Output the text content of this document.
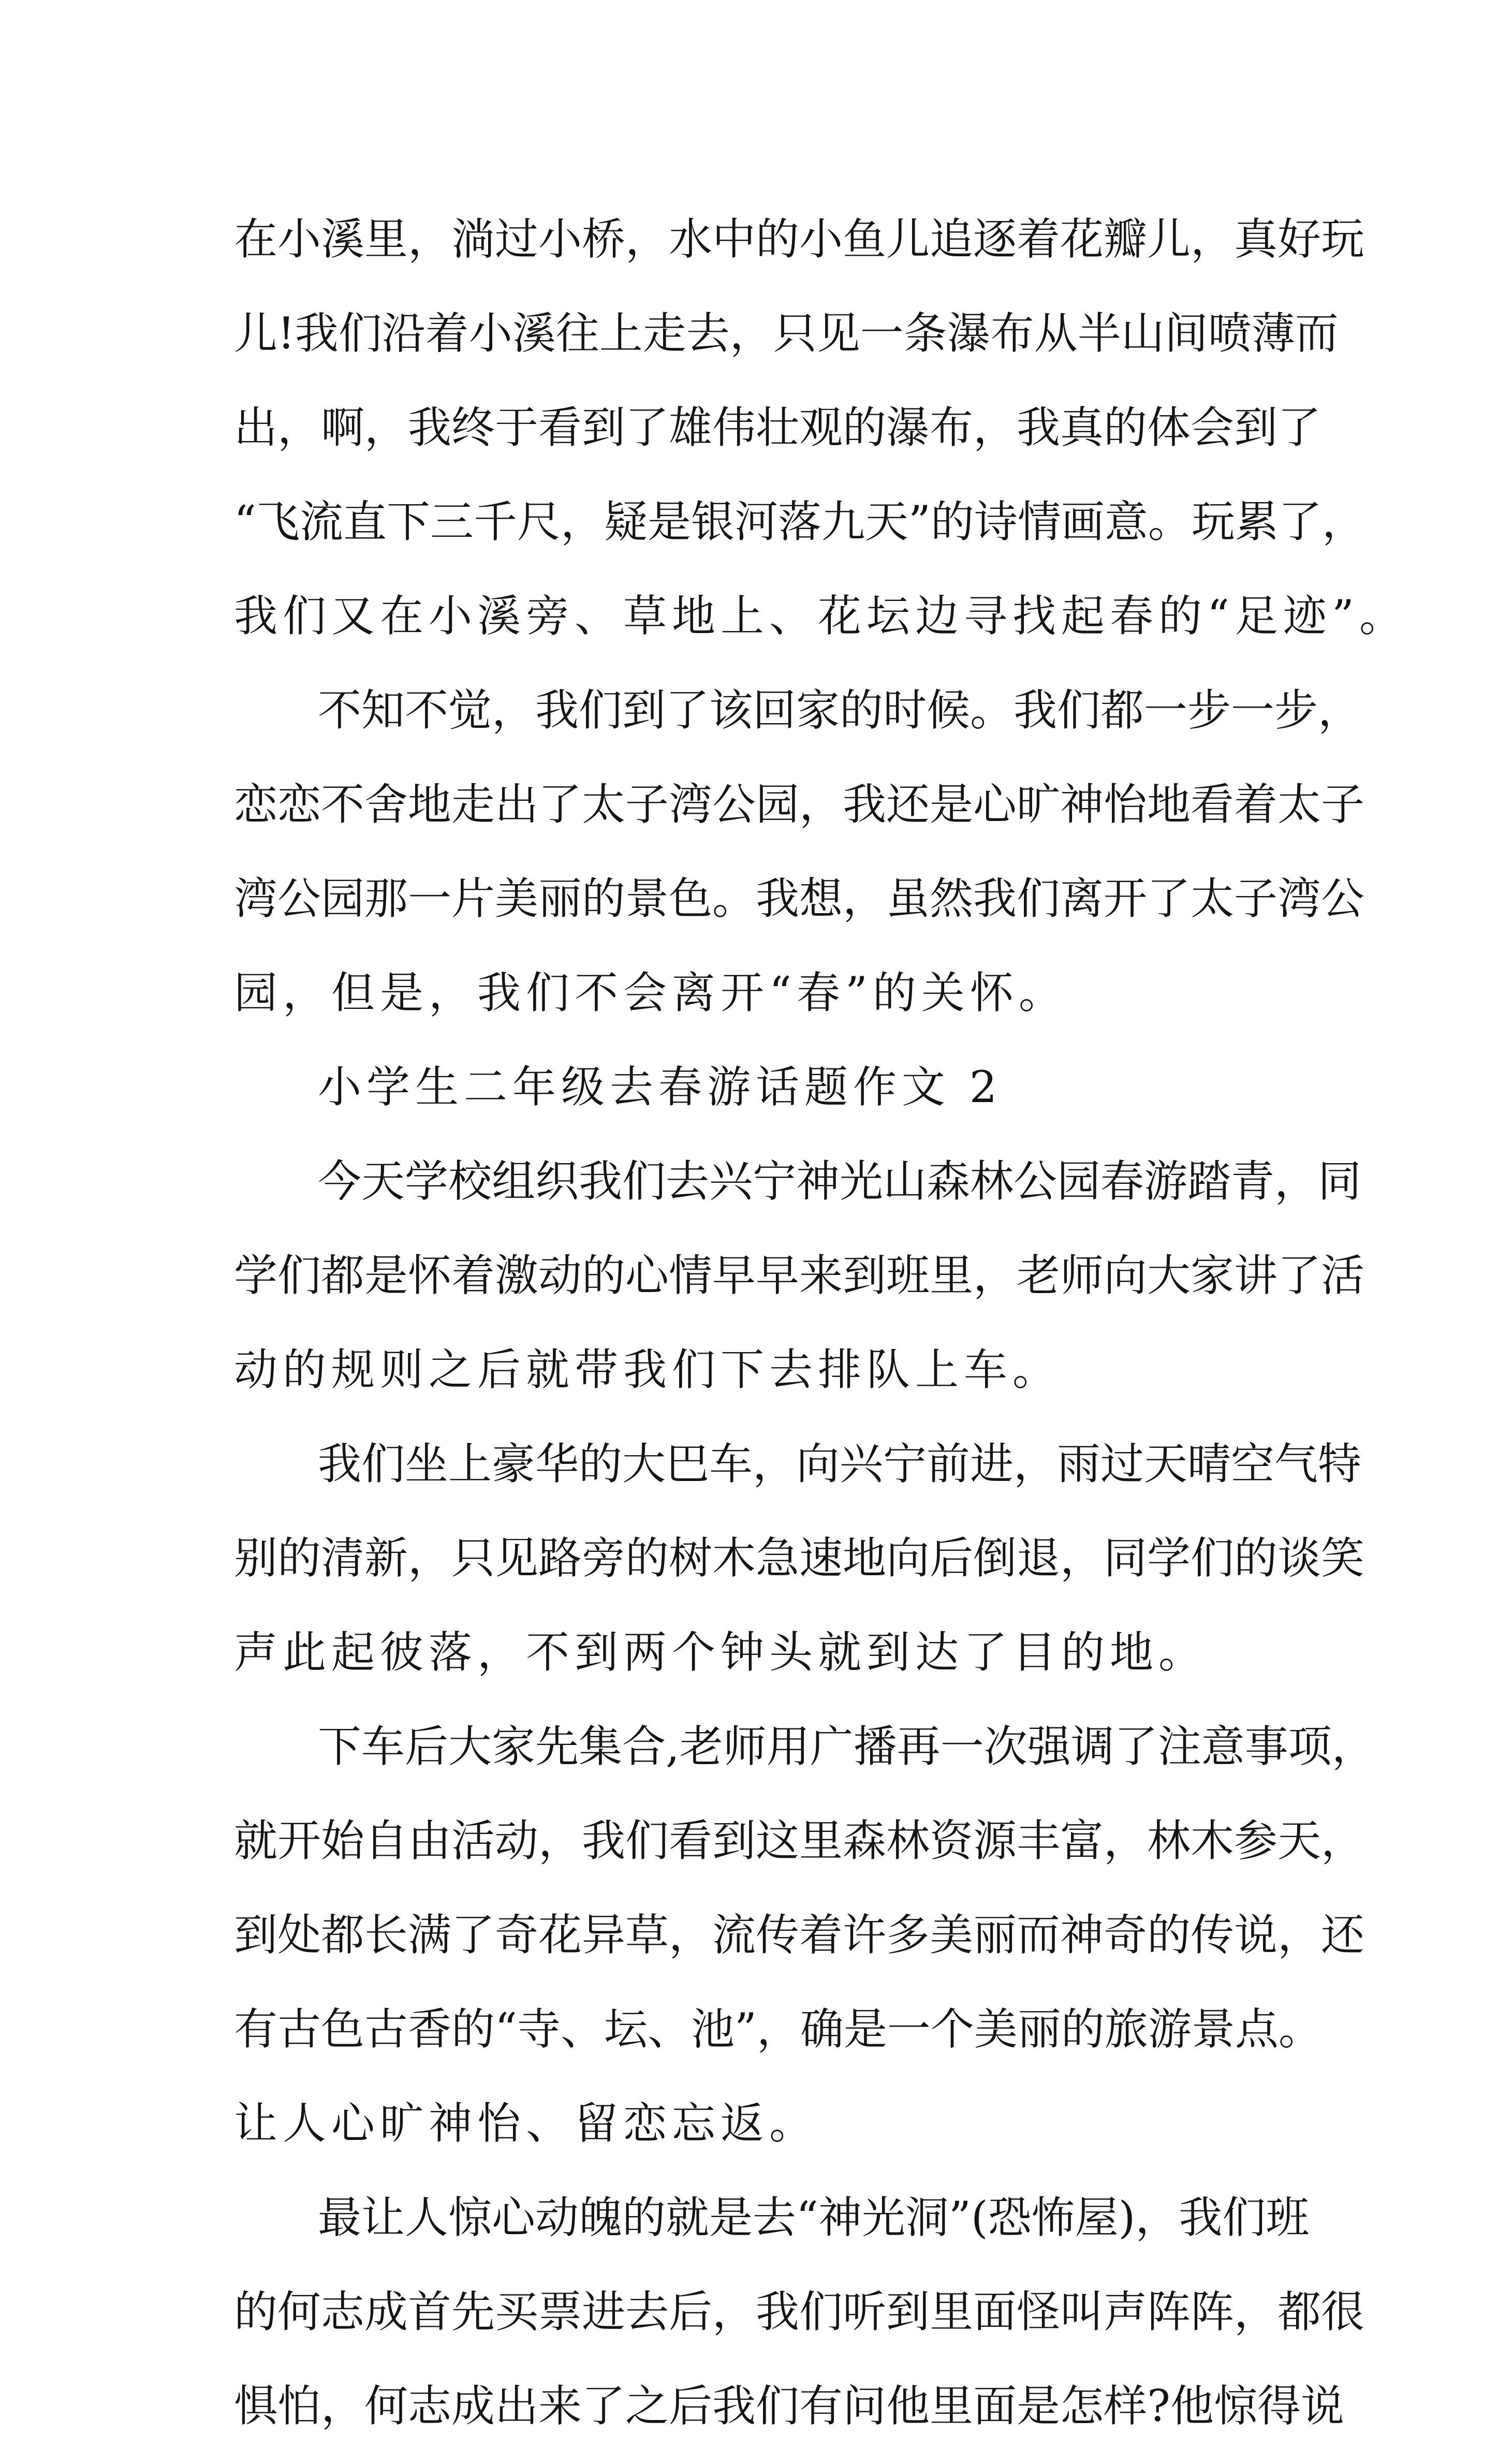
在小溪里，淌过小桥，水中的小鱼儿追逐着花瓣儿，真好玩
儿!我们沿着小溪往上走去，只见一条瀑布从半山间喷薄而
出，啊，我终于看到了雄伟壮观的瀑布，我真的体会到了
“飞流直下三千尺，疑是银河落九天”的诗情画意。玩累了，
我们又在小溪旁、草地上、花坛边寻找起春的“足迹”。
不知不觉，我们到了该回家的时候。我们都一步一步，
恋恋不舍地走出了太子湾公园，我还是心旷神怡地看着太子
湾公园那一片美丽的景色。我想，虽然我们离开了太子湾公
园，但是，我们不会离开“春”的关怀。
小学生二年级去春游话题作文 2
今天学校组织我们去兴宁神光山森林公园春游踏青，同
学们都是怀着激动的心情早早来到班里，老师向大家讲了活
动的规则之后就带我们下去排队上车。
我们坐上豪华的大巴车，向兴宁前进，雨过天晴空气特
别的清新，只见路旁的树木急速地向后倒退，同学们的谈笑
声此起彼落，不到两个钟头就到达了目的地。
下车后大家先集合,老师用广播再一次强调了注意事项，
就开始自由活动，我们看到这里森林资源丰富，林木参天，
到处都长满了奇花异草，流传着许多美丽而神奇的传说，还
有古色古香的“寺、坛、池”，确是一个美丽的旅游景点。
让人心旷神怡、留恋忘返。
最让人惊心动魄的就是去“神光洞”(恐怖屋)，我们班
的何志成首先买票进去后，我们听到里面怪叫声阵阵，都很
惧怕，何志成出来了之后我们有问他里面是怎样?他惊得说
